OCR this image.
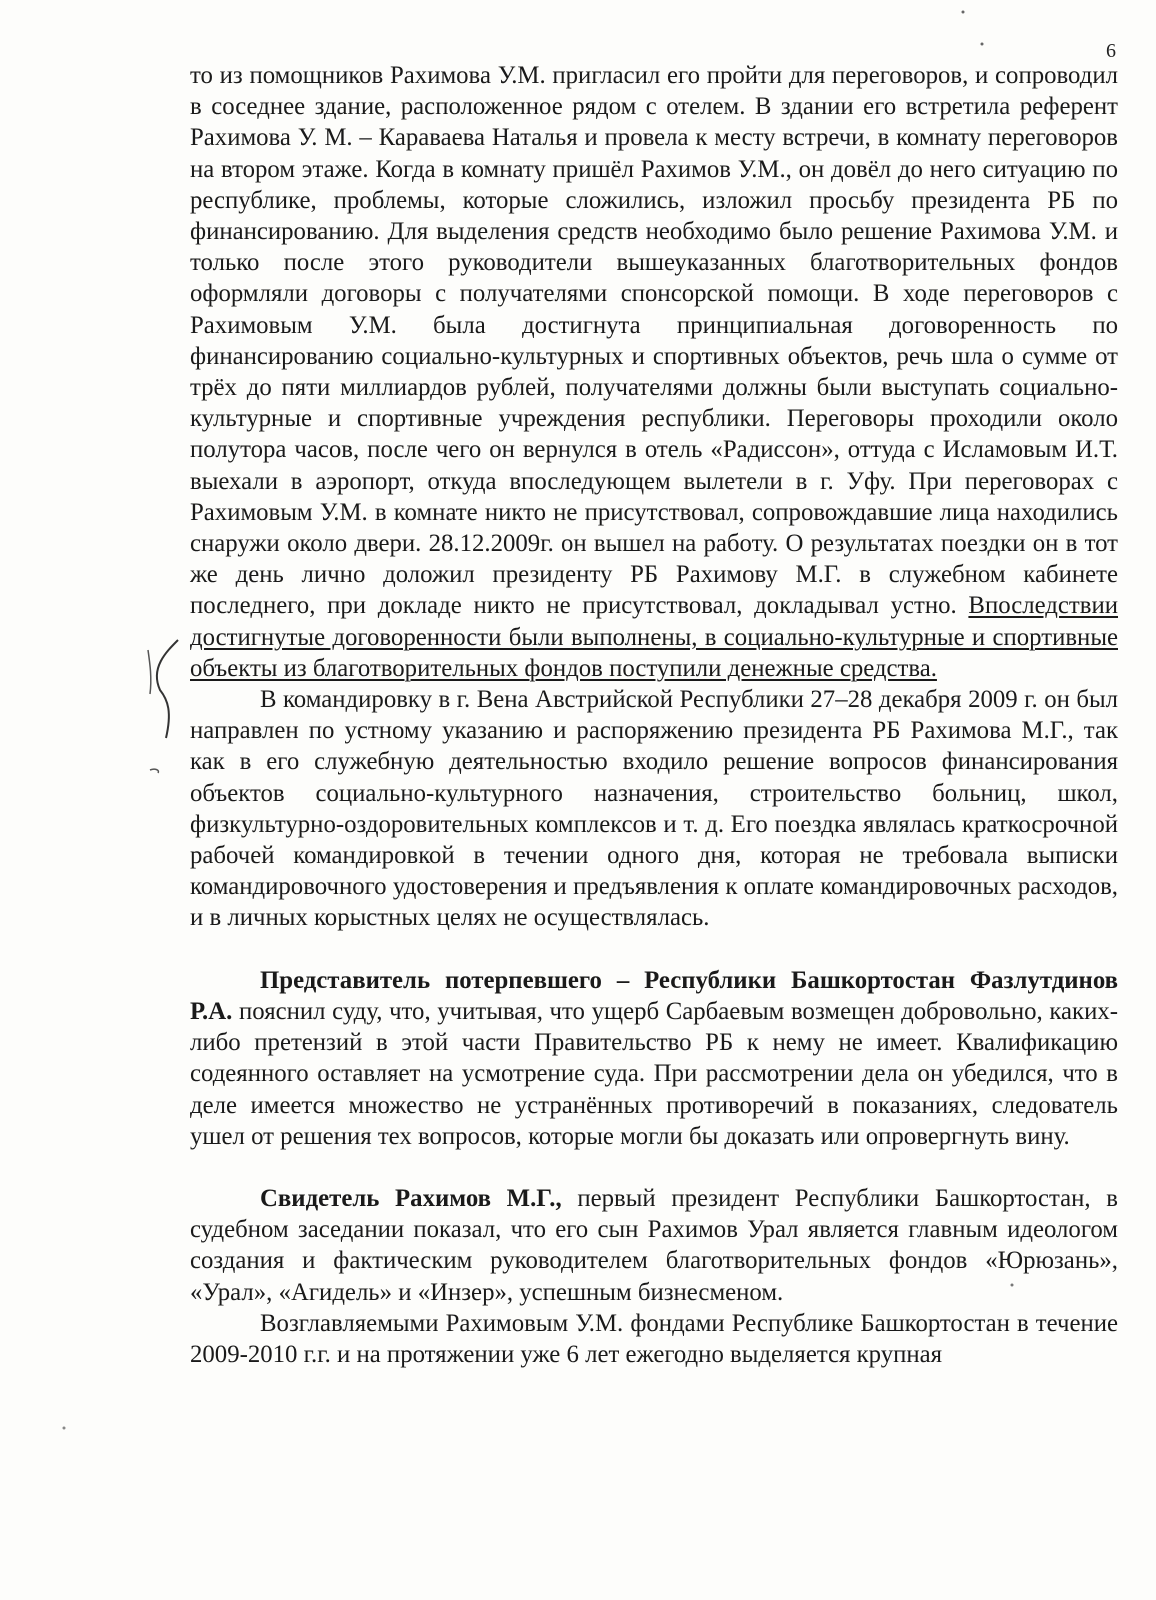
6

то из помощников Рахимова У.М. пригласил его пройти для переговоров, и сопроводил в соседнее здание, расположенное рядом с отелем. В здании его встретила референт Рахимова У. М. – Караваева Наталья и провела к месту встречи, в комнату переговоров на втором этаже. Когда в комнату пришёл Рахимов У.М., он довёл до него ситуацию по республике, проблемы, которые сложились, изложил просьбу президента РБ по финансированию. Для выделения средств необходимо было решение Рахимова У.М. и только после этого руководители вышеуказанных благотворительных фондов оформляли договоры с получателями спонсорской помощи. В ходе переговоров с Рахимовым У.М. была достигнута принципиальная договоренность по финансированию социально-культурных и спортивных объектов, речь шла о сумме от трёх до пяти миллиардов рублей, получателями должны были выступать социально-культурные и спортивные учреждения республики. Переговоры проходили около полутора часов, после чего он вернулся в отель «Радиссон», оттуда с Исламовым И.Т. выехали в аэропорт, откуда впоследующем вылетели в г. Уфу. При переговорах с Рахимовым У.М. в комнате никто не присутствовал, сопровождавшие лица находились снаружи около двери. 28.12.2009г. он вышел на работу. О результатах поездки он в тот же день лично доложил президенту РБ Рахимову М.Г. в служебном кабинете последнего, при докладе никто не присутствовал, докладывал устно. Впоследствии достигнутые договоренности были выполнены, в социально-культурные и спортивные объекты из благотворительных фондов поступили денежные средства.

В командировку в г. Вена Австрийской Республики 27–28 декабря 2009 г. он был направлен по устному указанию и распоряжению президента РБ Рахимова М.Г., так как в его служебную деятельностью входило решение вопросов финансирования объектов социально-культурного назначения, строительство больниц, школ, физкультурно-оздоровительных комплексов и т. д. Его поездка являлась краткосрочной рабочей командировкой в течении одного дня, которая не требовала выписки командировочного удостоверения и предъявления к оплате командировочных расходов, и в личных корыстных целях не осуществлялась.

Представитель потерпевшего – Республики Башкортостан Фазлутдинов Р.А. пояснил суду, что, учитывая, что ущерб Сарбаевым возмещен добровольно, каких-либо претензий в этой части Правительство РБ к нему не имеет. Квалификацию содеянного оставляет на усмотрение суда. При рассмотрении дела он убедился, что в деле имеется множество не устранённых противоречий в показаниях, следователь ушел от решения тех вопросов, которые могли бы доказать или опровергнуть вину.

Свидетель Рахимов М.Г., первый президент Республики Башкортостан, в судебном заседании показал, что его сын Рахимов Урал является главным идеологом создания и фактическим руководителем благотворительных фондов «Юрюзань», «Урал», «Агидель» и «Инзер», успешным бизнесменом.

Возглавляемыми Рахимовым У.М. фондами Республике Башкортостан в течение 2009-2010 г.г. и на протяжении уже 6 лет ежегодно выделяется крупная
